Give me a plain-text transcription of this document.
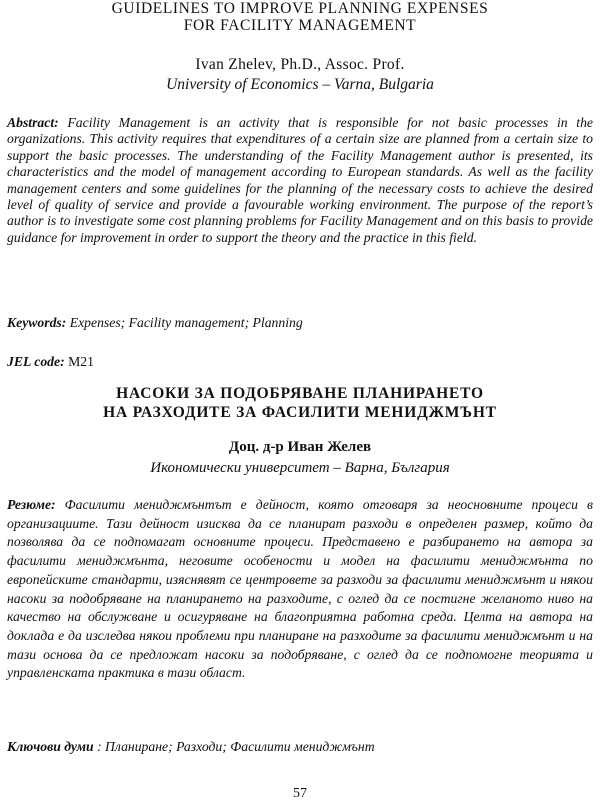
GUIDELINES TO IMPROVE PLANNING EXPENSES
FOR FACILITY MANAGEMENT
Ivan Zhelev, Ph.D., Assoc. Prof.
University of Economics – Varna, Bulgaria
Abstract: Facility Management is an activity that is responsible for not basic processes in the organizations. This activity requires that expenditures of a certain size are planned from a certain size to support the basic processes. The understanding of the Facility Management author is presented, its characteristics and the model of management according to European standards. As well as the facility management centers and some guidelines for the planning of the necessary costs to achieve the desired level of quality of service and provide a favourable working environment. The purpose of the report’s author is to investigate some cost planning problems for Facility Management and on this basis to provide guidance for improvement in order to support the theory and the practice in this field.
Keywords: Expenses; Facility management; Planning
JEL code: M21
НАСОКИ ЗА ПОДОБРЯВАНЕ ПЛАНИРАНЕТО
НА РАЗХОДИТЕ ЗА ФАСИЛИТИ МЕНИДЖМЪНТ
Доц. д-р Иван Желев
Икономически университет – Варна, България
Резюме: Фасилити мениджмънтът е дейност, която отговаря за неосновните процеси в организациите. Тази дейност изисква да се планират разходи в определен размер, който да позволява да се подпомагат основните процеси. Представено е разбирането на автора за фасилити мениджмънта, неговите особености и модел на фасилити мениджмънта по европейските стандарти, изяснявят се центровете за разходи за фасилити мениджмънт и някои насоки за подобряване на планирането на разходите, с оглед да се постигне желаното ниво на качество на обслужване и осигуряване на благоприятна работна среда. Целта на автора на доклада е да изследва някои проблеми при планиране на разходите за фасилити мениджмънт и на тази основа да се предложат насоки за подобряване, с оглед да се подпомогне теорията и управленската практика в тази област.
Ключови думи : Планиране; Разходи; Фасилити мениджмънт
57
